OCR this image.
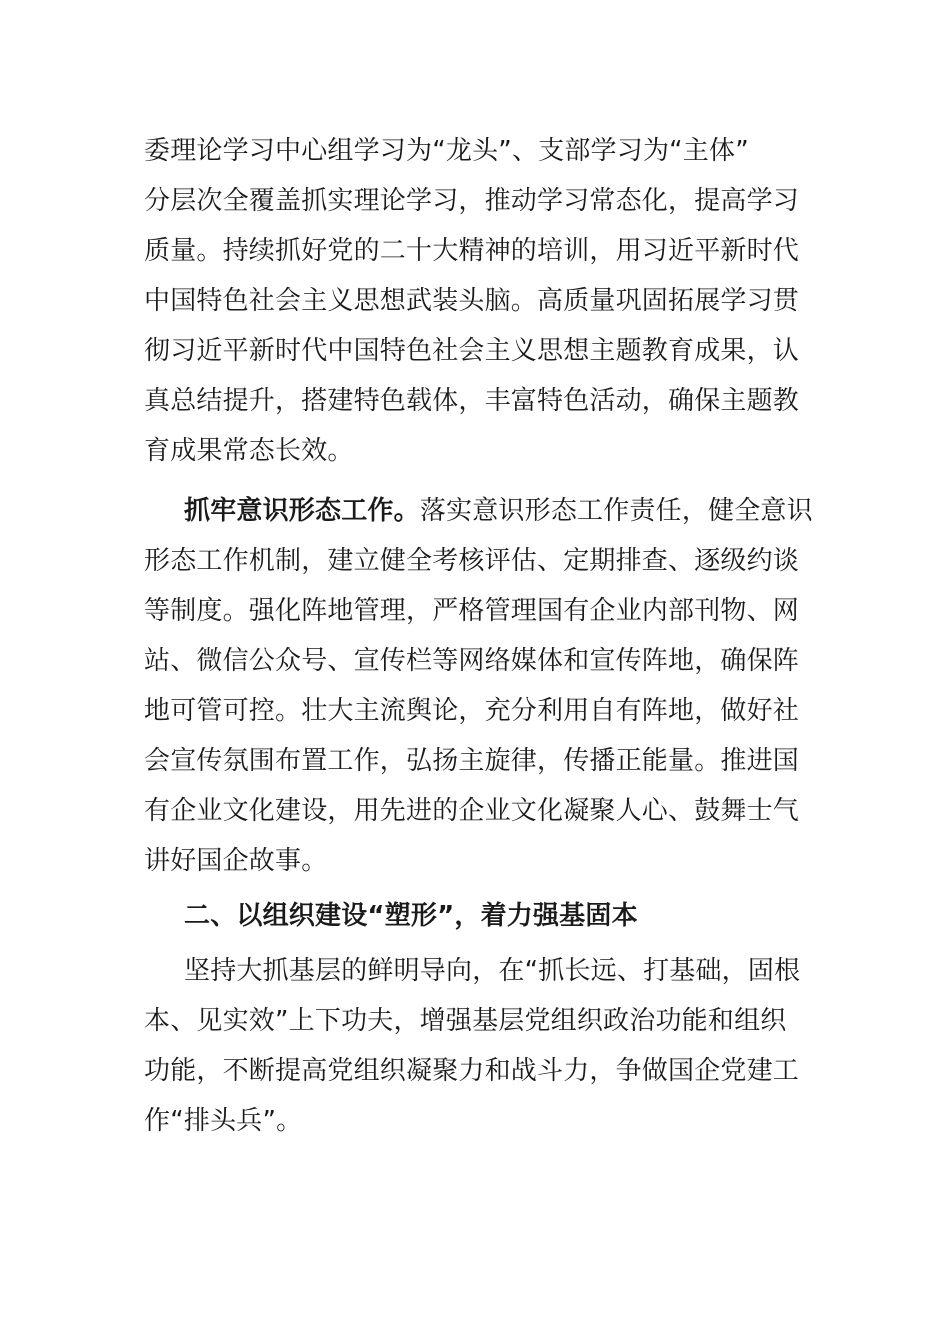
委理论学习中心组学习为“龙头”、支部学习为“主体”
分层次全覆盖抓实理论学习，推动学习常态化，提高学习
质量。持续抓好党的二十大精神的培训，用习近平新时代
中国特色社会主义思想武装头脑。高质量巩固拓展学习贯
彻习近平新时代中国特色社会主义思想主题教育成果，认
真总结提升，搭建特色载体，丰富特色活动，确保主题教
育成果常态长效。
抓牢意识形态工作。落实意识形态工作责任，健全意识
形态工作机制，建立健全考核评估、定期排查、逐级约谈
等制度。强化阵地管理，严格管理国有企业内部刊物、网
站、微信公众号、宣传栏等网络媒体和宣传阵地，确保阵
地可管可控。壮大主流舆论，充分利用自有阵地，做好社
会宣传氛围布置工作，弘扬主旋律，传播正能量。推进国
有企业文化建设，用先进的企业文化凝聚人心、鼓舞士气
讲好国企故事。
二、以组织建设“塑形”，着力强基固本
坚持大抓基层的鲜明导向，在“抓长远、打基础，固根
本、见实效”上下功夫，增强基层党组织政治功能和组织
功能，不断提高党组织凝聚力和战斗力，争做国企党建工
作“排头兵”。
